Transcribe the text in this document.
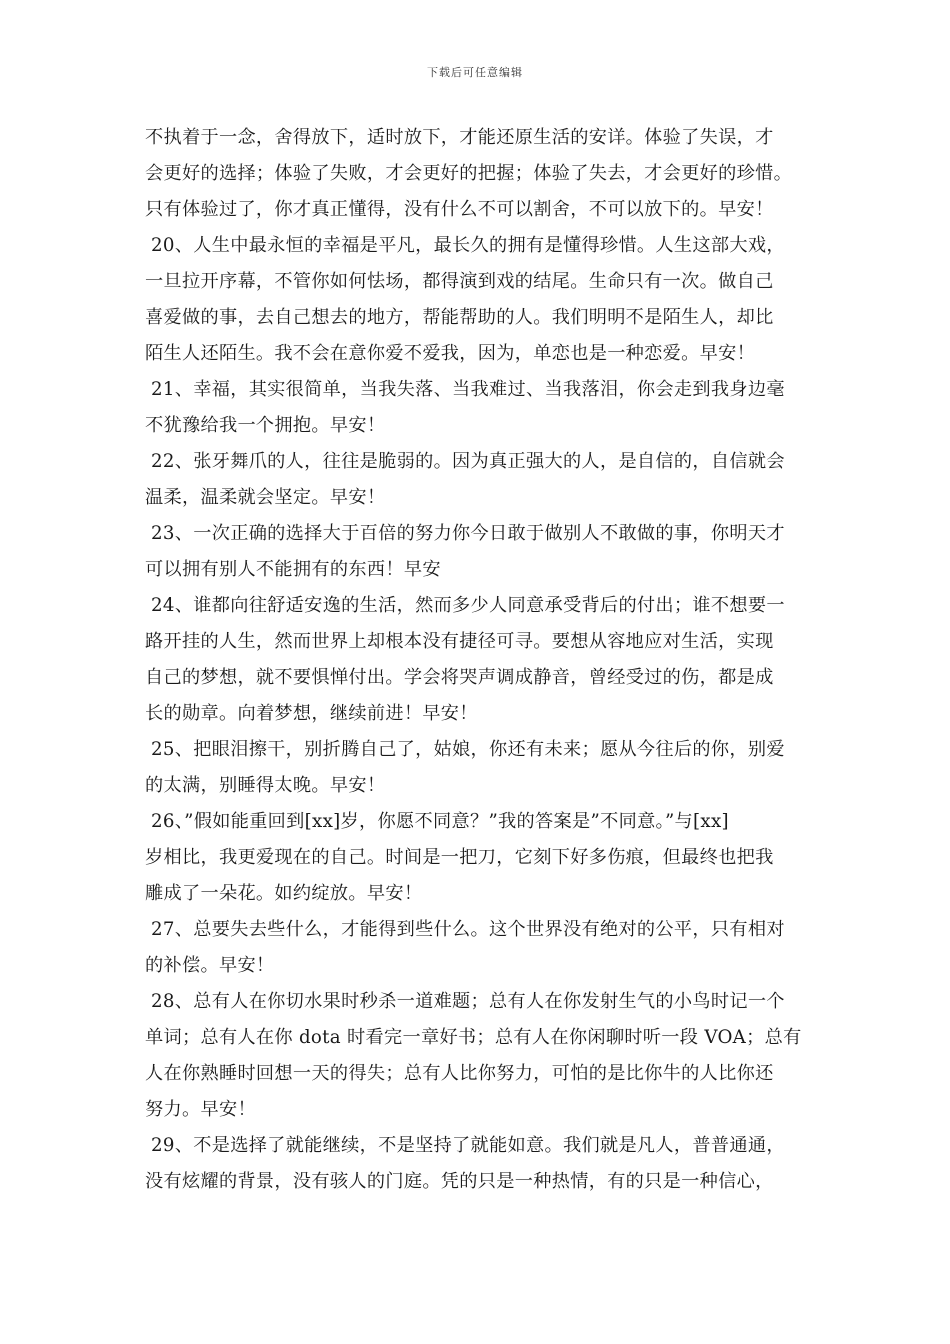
下载后可任意编辑
不执着于一念，舍得放下，适时放下，才能还原生活的安详。体验了失误，才
会更好的选择；体验了失败，才会更好的把握；体验了失去，才会更好的珍惜。
只有体验过了，你才真正懂得，没有什么不可以割舍，不可以放下的。早安！
20、人生中最永恒的幸福是平凡，最长久的拥有是懂得珍惜。人生这部大戏，
一旦拉开序幕，不管你如何怯场，都得演到戏的结尾。生命只有一次。做自己
喜爱做的事，去自己想去的地方，帮能帮助的人。我们明明不是陌生人，却比
陌生人还陌生。我不会在意你爱不爱我，因为，单恋也是一种恋爱。早安！
21、幸福，其实很简单，当我失落、当我难过、当我落泪，你会走到我身边毫
不犹豫给我一个拥抱。早安！
22、张牙舞爪的人，往往是脆弱的。因为真正强大的人，是自信的，自信就会
温柔，温柔就会坚定。早安！
23、一次正确的选择大于百倍的努力你今日敢于做别人不敢做的事，你明天才
可以拥有别人不能拥有的东西！早安
24、谁都向往舒适安逸的生活，然而多少人同意承受背后的付出；谁不想要一
路开挂的人生，然而世界上却根本没有捷径可寻。要想从容地应对生活，实现
自己的梦想，就不要惧惮付出。学会将哭声调成静音，曾经受过的伤，都是成
长的勋章。向着梦想，继续前进！早安！
25、把眼泪擦干，别折腾自己了，姑娘，你还有未来；愿从今往后的你，别爱
的太满，别睡得太晚。早安！
26、”假如能重回到[xx]岁，你愿不同意？”我的答案是”不同意。”与[xx]
岁相比，我更爱现在的自己。时间是一把刀，它刻下好多伤痕，但最终也把我
雕成了一朵花。如约绽放。早安！
27、总要失去些什么，才能得到些什么。这个世界没有绝对的公平，只有相对
的补偿。早安！
28、总有人在你切水果时秒杀一道难题；总有人在你发射生气的小鸟时记一个
单词；总有人在你 dota 时看完一章好书；总有人在你闲聊时听一段 VOA；总有
人在你熟睡时回想一天的得失；总有人比你努力，可怕的是比你牛的人比你还
努力。早安！
29、不是选择了就能继续，不是坚持了就能如意。我们就是凡人，普普通通，
没有炫耀的背景，没有骇人的门庭。凭的只是一种热情，有的只是一种信心，
